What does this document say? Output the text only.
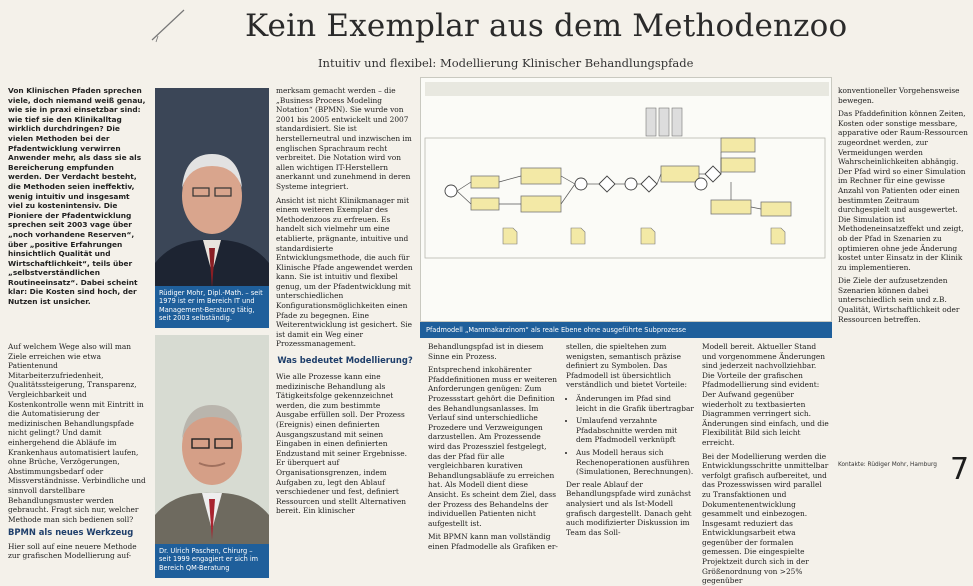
Kein Exemplar aus dem Methodenzoo
Intuitiv und flexibel: Modellierung Klinischer Behandlungspfade

Von Klinischen Pfaden sprechen viele, doch niemand weiß genau, wie sie in praxi einsetzbar sind: wie tief sie den Klinikalltag wirklich durchdringen? Die vielen Methoden bei der Pfadentwicklung verwirren Anwender mehr, als dass sie als Bereicherung empfunden werden. Der Verdacht besteht, die Methoden seien ineffektiv, wenig intuitiv und insgesamt viel zu kostenintensiv. Die Pioniere der Pfadentwicklung sprechen seit 2003 vage über „noch vorhandene Reserven“, über „positive Erfahrungen hinsichtlich Qualität und Wirtschaftlichkeit“, teils über „selbstverständlichen Routineeinsatz“. Dabei scheint klar: Die Kosten sind hoch, der Nutzen ist unsicher.

Auf welchem Wege also will man Ziele erreichen wie etwa Patientenund Mitarbeiterzufriedenheit, Qualitätssteigerung, Transparenz, Vergleichbarkeit und Kostenkontrolle wenn mit Eintritt in die Automatisierung der medizinischen Behandlungspfade nicht gelingt? Und damit einhergehend die Abläufe im Krankenhaus automatisiert laufen, ohne Brüche, Verzögerungen, Abstimmungsbedarf oder Missverständnisse. Verbindliche und sinnvoll darstellbare Behandlungsmuster werden gebraucht. Fragt sich nur, welcher Methode man sich bedienen soll?

BPMN als neues Werkzeug

Hier soll auf eine neuere Methode zur grafischen Modellierung auf-

Rüdiger Mohr, Dipl.-Math. – seit 1979 ist er im Bereich IT und Management-Beratung tätig, seit 2003 selbständig.
Dr. Ulrich Paschen, Chirurg – seit 1999 engagiert er sich im Bereich QM-Beratung

merksam gemacht werden – die „Business Process Modeling Notation“ (BPMN). Sie wurde von 2001 bis 2005 entwickelt und 2007 standardisiert. Sie ist herstellerneutral und inzwischen im englischen Sprachraum recht verbreitet. Die Notation wird von allen wichtigen IT-Herstellern anerkannt und zunehmend in deren Systeme integriert.

Ansicht ist nicht Klinikmanager mit einem weiteren Exemplar des Methodenzoos zu erfreuen. Es handelt sich vielmehr um eine etablierte, prägnante, intuitive und standardisierte Entwicklungsmethode, die auch für Klinische Pfade angewendet werden kann. Sie ist intuitiv und flexibel genug, um der Pfadentwicklung mit unterschiedlichen Konfigurationsmöglichkeiten einen Pfade zu begegnen. Eine Weiterentwicklung ist gesichert. Sie ist damit ein Weg einer Prozessmanagement.

Was bedeutet Modellierung?

Wie alle Prozesse kann eine medizinische Behandlung als Tätigkeitsfolge gekennzeichnet werden, die zum bestimmte Ausgabe erfüllen soll. Der Prozess (Ereignis) einen definierten Ausgangszustand mit seinen Eingaben in einen definierten Endzustand mit seiner Ergebnisse. Er überquert auf Organisationsgrenzen, indem Aufgaben zu, legt den Ablauf verschiedener und fest, definiert Ressourcen und stellt Alternativen bereit. Ein klinischer

Pfadmodell „Mammakarzinom“ als reale Ebene ohne ausgeführte Subprozesse

Behandlungspfad ist in diesem Sinne ein Prozess.

Entsprechend inkohärenter Pfaddefinitionen muss er weiteren Anforderungen genügen: Zum Prozessstart gehört die Definition des Behandlungsanlasses. Im Verlauf sind unterschiedliche Prozedere und Verzweigungen darzustellen. Am Prozessende wird das Prozessziel festgelegt, das der Pfad für alle vergleichbaren kurativen Behandlungsabläufe zu erreichen hat. Als Modell dient diese Ansicht. Es scheint dem Ziel, dass der Prozess des Behandelns der individuellen Patienten nicht aufgestellt ist.

Mit BPMN kann man vollständig einen Pfadmodelle als Grafiken er-

stellen, die spieltehen zum wenigsten, semantisch präzise definiert zu Symbolen. Das Pfadmodell ist übersichtlich verständlich und bietet Vorteile:

• Änderungen im Pfad sind leicht in die Grafik übertragbar
• Umlaufend verzahnte Pfadabschnitte werden mit dem Pfadmodell verknüpft
• Aus Modell heraus sich Rechenoperationen ausführen (Simulationen, Berechnungen).

Der reale Ablauf der Behandlungspfade wird zunächst analysiert und als Ist-Modell grafisch dargestellt. Danach geht auch modifizierter Diskussion im Team das Soll-

Modell bereit. Aktueller Stand und vorgenommene Änderungen sind jederzeit nachvollziehbar. Die Vorteile der grafischen Pfadmodellierung sind evident: Der Aufwand gegenüber wiederholt zu textbasierten Diagrammen verringert sich. Änderungen sind einfach, und die Flexibilität Bild sich leicht erreicht.

Bei der Modellierung werden die Entwicklungsschritte unmittelbar verfolgt grafisch aufbereitet, und das Prozesswissen wird parallel zu Transfaktionen und Dokumentenentwicklung gesammelt und einbezogen. Insgesamt reduziert das Entwicklungsarbeit etwa gegenüber der formalen gemessen. Die eingespielte Projektzeit durch sich in der Größenordnung von >25% gegenüber

konventioneller Vorgehensweise bewegen.

Das Pfaddefinition können Zeiten, Kosten oder sonstige messbare, apparative oder Raum-Ressourcen zugeordnet werden, zur Vermeidungen werden Wahrscheinlichkeiten abhängig. Der Pfad wird so einer Simulation im Rechner für eine gewisse Anzahl von Patienten oder einen bestimmten Zeitraum durchgespielt und ausgewertet. Die Simulation ist Methodeneinsatzeffekt und zeigt, ob der Pfad in Szenarien zu optimieren ohne jede Änderung kostet unter Einsatz in der Klinik zu implementieren.

Die Ziele der aufzusetzenden Szenarien können dabei unterschiedlich sein und z.B. Qualität, Wirtschaftlichkeit oder Ressourcen betreffen.

Kontakte: Rüdiger Mohr, Hamburg 7
